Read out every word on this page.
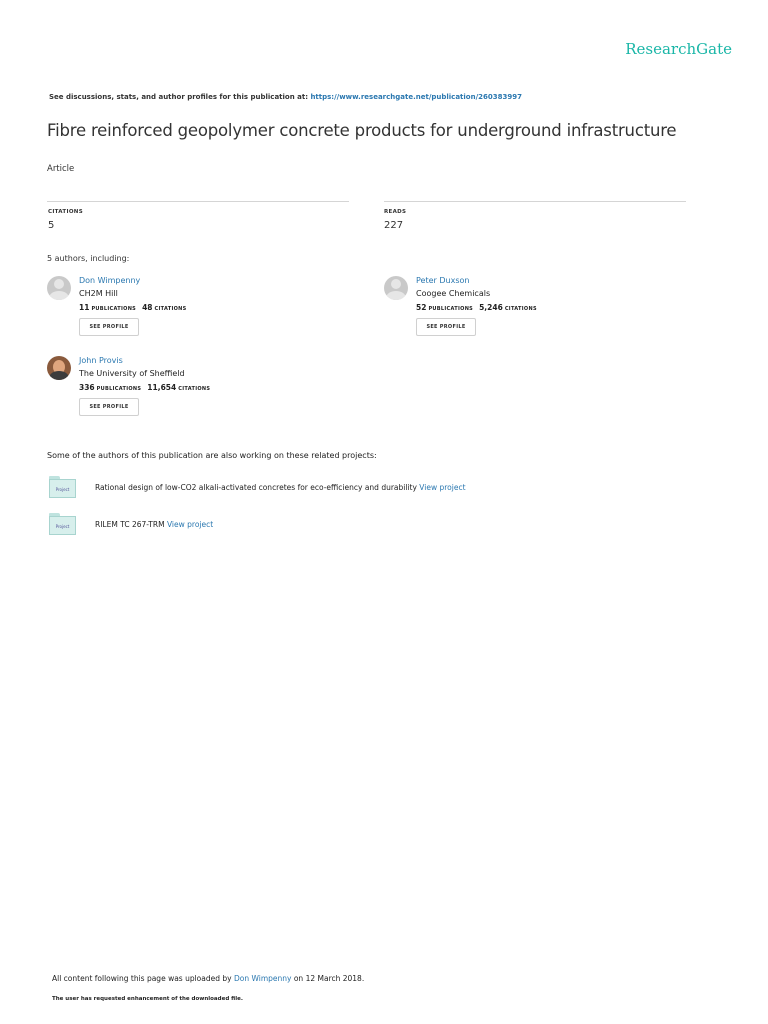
ResearchGate
See discussions, stats, and author profiles for this publication at: https://www.researchgate.net/publication/260383997
Fibre reinforced geopolymer concrete products for underground infrastructure
Article
CITATIONS
5
READS
227
5 authors, including:
Don Wimpenny
CH2M Hill
11 PUBLICATIONS 48 CITATIONS
SEE PROFILE
Peter Duxson
Coogee Chemicals
52 PUBLICATIONS 5,246 CITATIONS
SEE PROFILE
John Provis
The University of Sheffield
336 PUBLICATIONS 11,654 CITATIONS
SEE PROFILE
Some of the authors of this publication are also working on these related projects:
Project	Rational design of low-CO2 alkali-activated concretes for eco-efficiency and durability View project
Project	RILEM TC 267-TRM View project
All content following this page was uploaded by Don Wimpenny on 12 March 2018.
The user has requested enhancement of the downloaded file.
